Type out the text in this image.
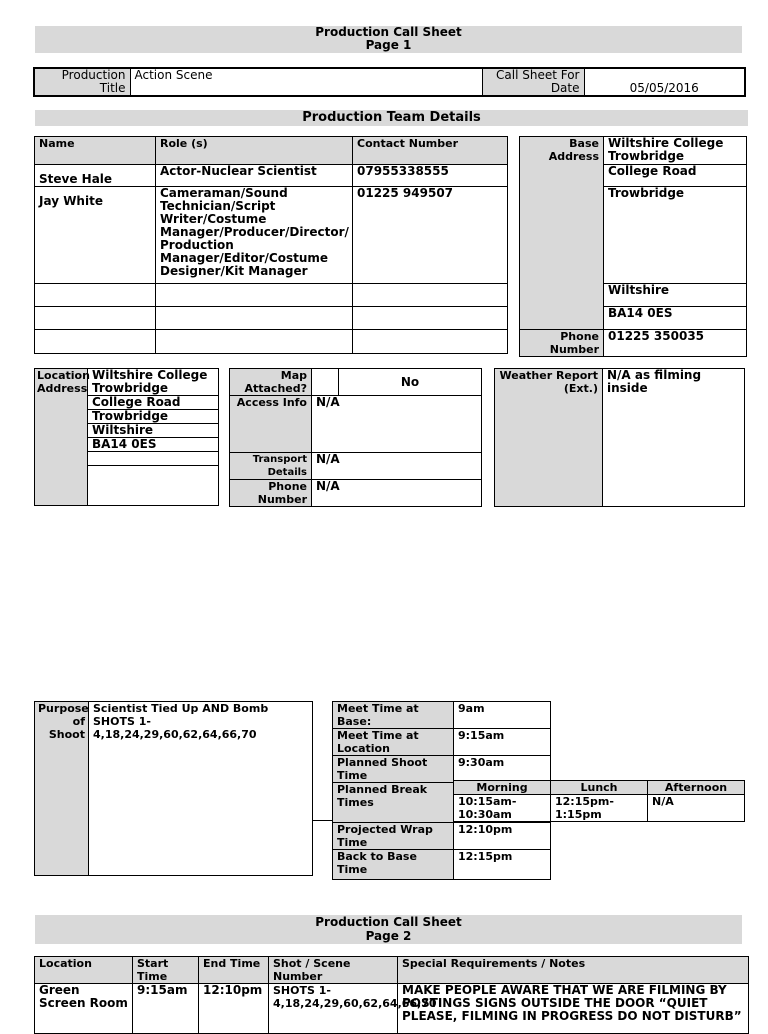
Production Call Sheet
Page 1
Production Title	Action Scene	Call Sheet For Date	05/05/2016
Production Team Details
Name	Role (s)	Contact Number
Steve Hale	Actor-Nuclear Scientist	07955338555
Jay White	Cameraman/Sound Technician/Script Writer/Costume Manager/Producer/Director/ Production Manager/Editor/Costume Designer/Kit Manager	01225 949507

Base Address	Wiltshire College Trowbridge
	College Road
	Trowbridge
	Wiltshire
	BA14 0ES
Phone Number	01225 350035
Location Address	Wiltshire College Trowbridge
College Road
Trowbridge
Wiltshire
BA14 0ES

Map Attached?		No
Access Info	N/A	
Transport Details	N/A	
Phone Number	N/A	
Weather Report (Ext.)	N/A as filming inside
Purpose of Shoot	Scientist Tied Up AND Bomb SHOTS 1-4,18,24,29,60,62,64,66,70
Meet Time at Base:	9am
Meet Time at Location	9:15am
Planned Shoot Time	9:30am
Planned Break Times	
Projected Wrap Time	12:10pm
Back to Base Time	12:15pm
Morning	Lunch	Afternoon
10:15am-10:30am	12:15pm-1:15pm	N/A
Production Call Sheet
Page 2
Location	Start Time	End Time	Shot / Scene Number	Special Requirements / Notes
Green Screen Room	9:15am	12:10pm	SHOTS 1-4,18,24,29,60,62,64,66,70	MAKE PEOPLE AWARE THAT WE ARE FILMING BY POSTINGS SIGNS OUTSIDE THE DOOR “QUIET PLEASE, FILMING IN PROGRESS DO NOT DISTURB”
